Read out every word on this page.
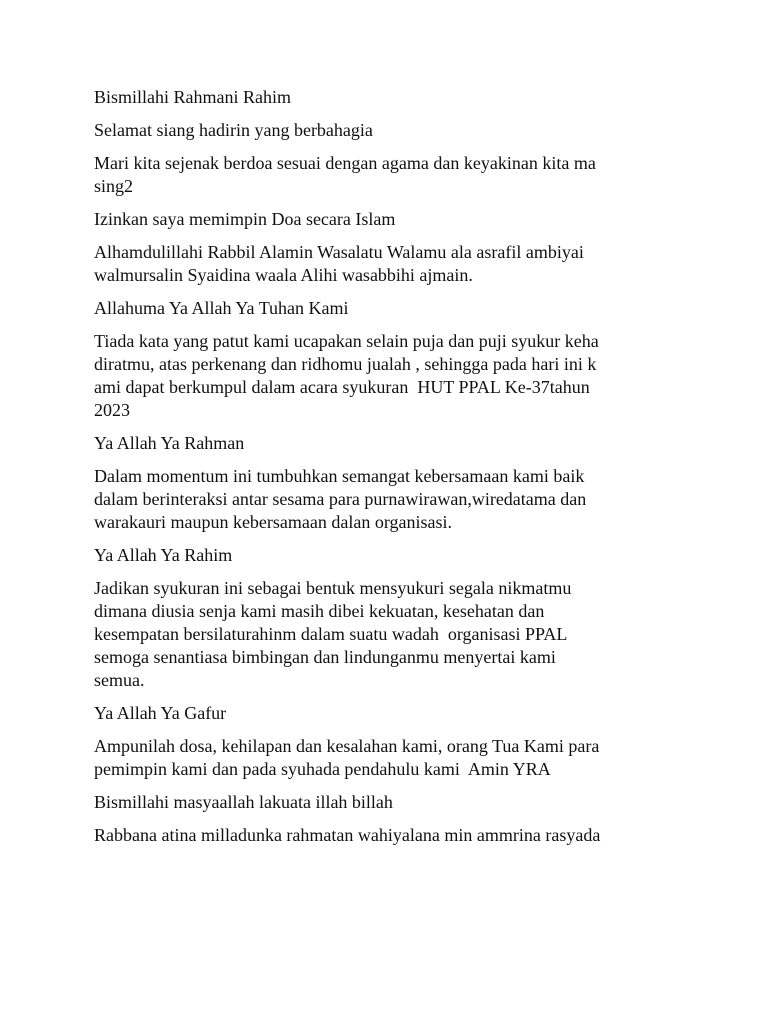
Bismillahi Rahmani Rahim

Selamat siang hadirin yang berbahagia

Mari kita sejenak berdoa sesuai dengan agama dan keyakinan kita ma
sing2

Izinkan saya memimpin Doa secara Islam

Alhamdulillahi Rabbil Alamin Wasalatu Walamu ala asrafil ambiyai
walmursalin Syaidina waala Alihi wasabbihi ajmain.

Allahuma Ya Allah Ya Tuhan Kami

Tiada kata yang patut kami ucapakan selain puja dan puji syukur keha
diratmu, atas perkenang dan ridhomu jualah , sehingga pada hari ini k
ami dapat berkumpul dalam acara syukuran  HUT PPAL Ke-37tahun
2023

Ya Allah Ya Rahman

Dalam momentum ini tumbuhkan semangat kebersamaan kami baik
dalam berinteraksi antar sesama para purnawirawan,wiredatama dan
warakauri maupun kebersamaan dalan organisasi.

Ya Allah Ya Rahim

Jadikan syukuran ini sebagai bentuk mensyukuri segala nikmatmu
dimana diusia senja kami masih dibei kekuatan, kesehatan dan
kesempatan bersilaturahinm dalam suatu wadah  organisasi PPAL
semoga senantiasa bimbingan dan lindunganmu menyertai kami
semua.

Ya Allah Ya Gafur

Ampunilah dosa, kehilapan dan kesalahan kami, orang Tua Kami para
pemimpin kami dan pada syuhada pendahulu kami  Amin YRA

Bismillahi masyaallah lakuata illah billah

Rabbana atina milladunka rahmatan wahiyalana min ammrina rasyada
